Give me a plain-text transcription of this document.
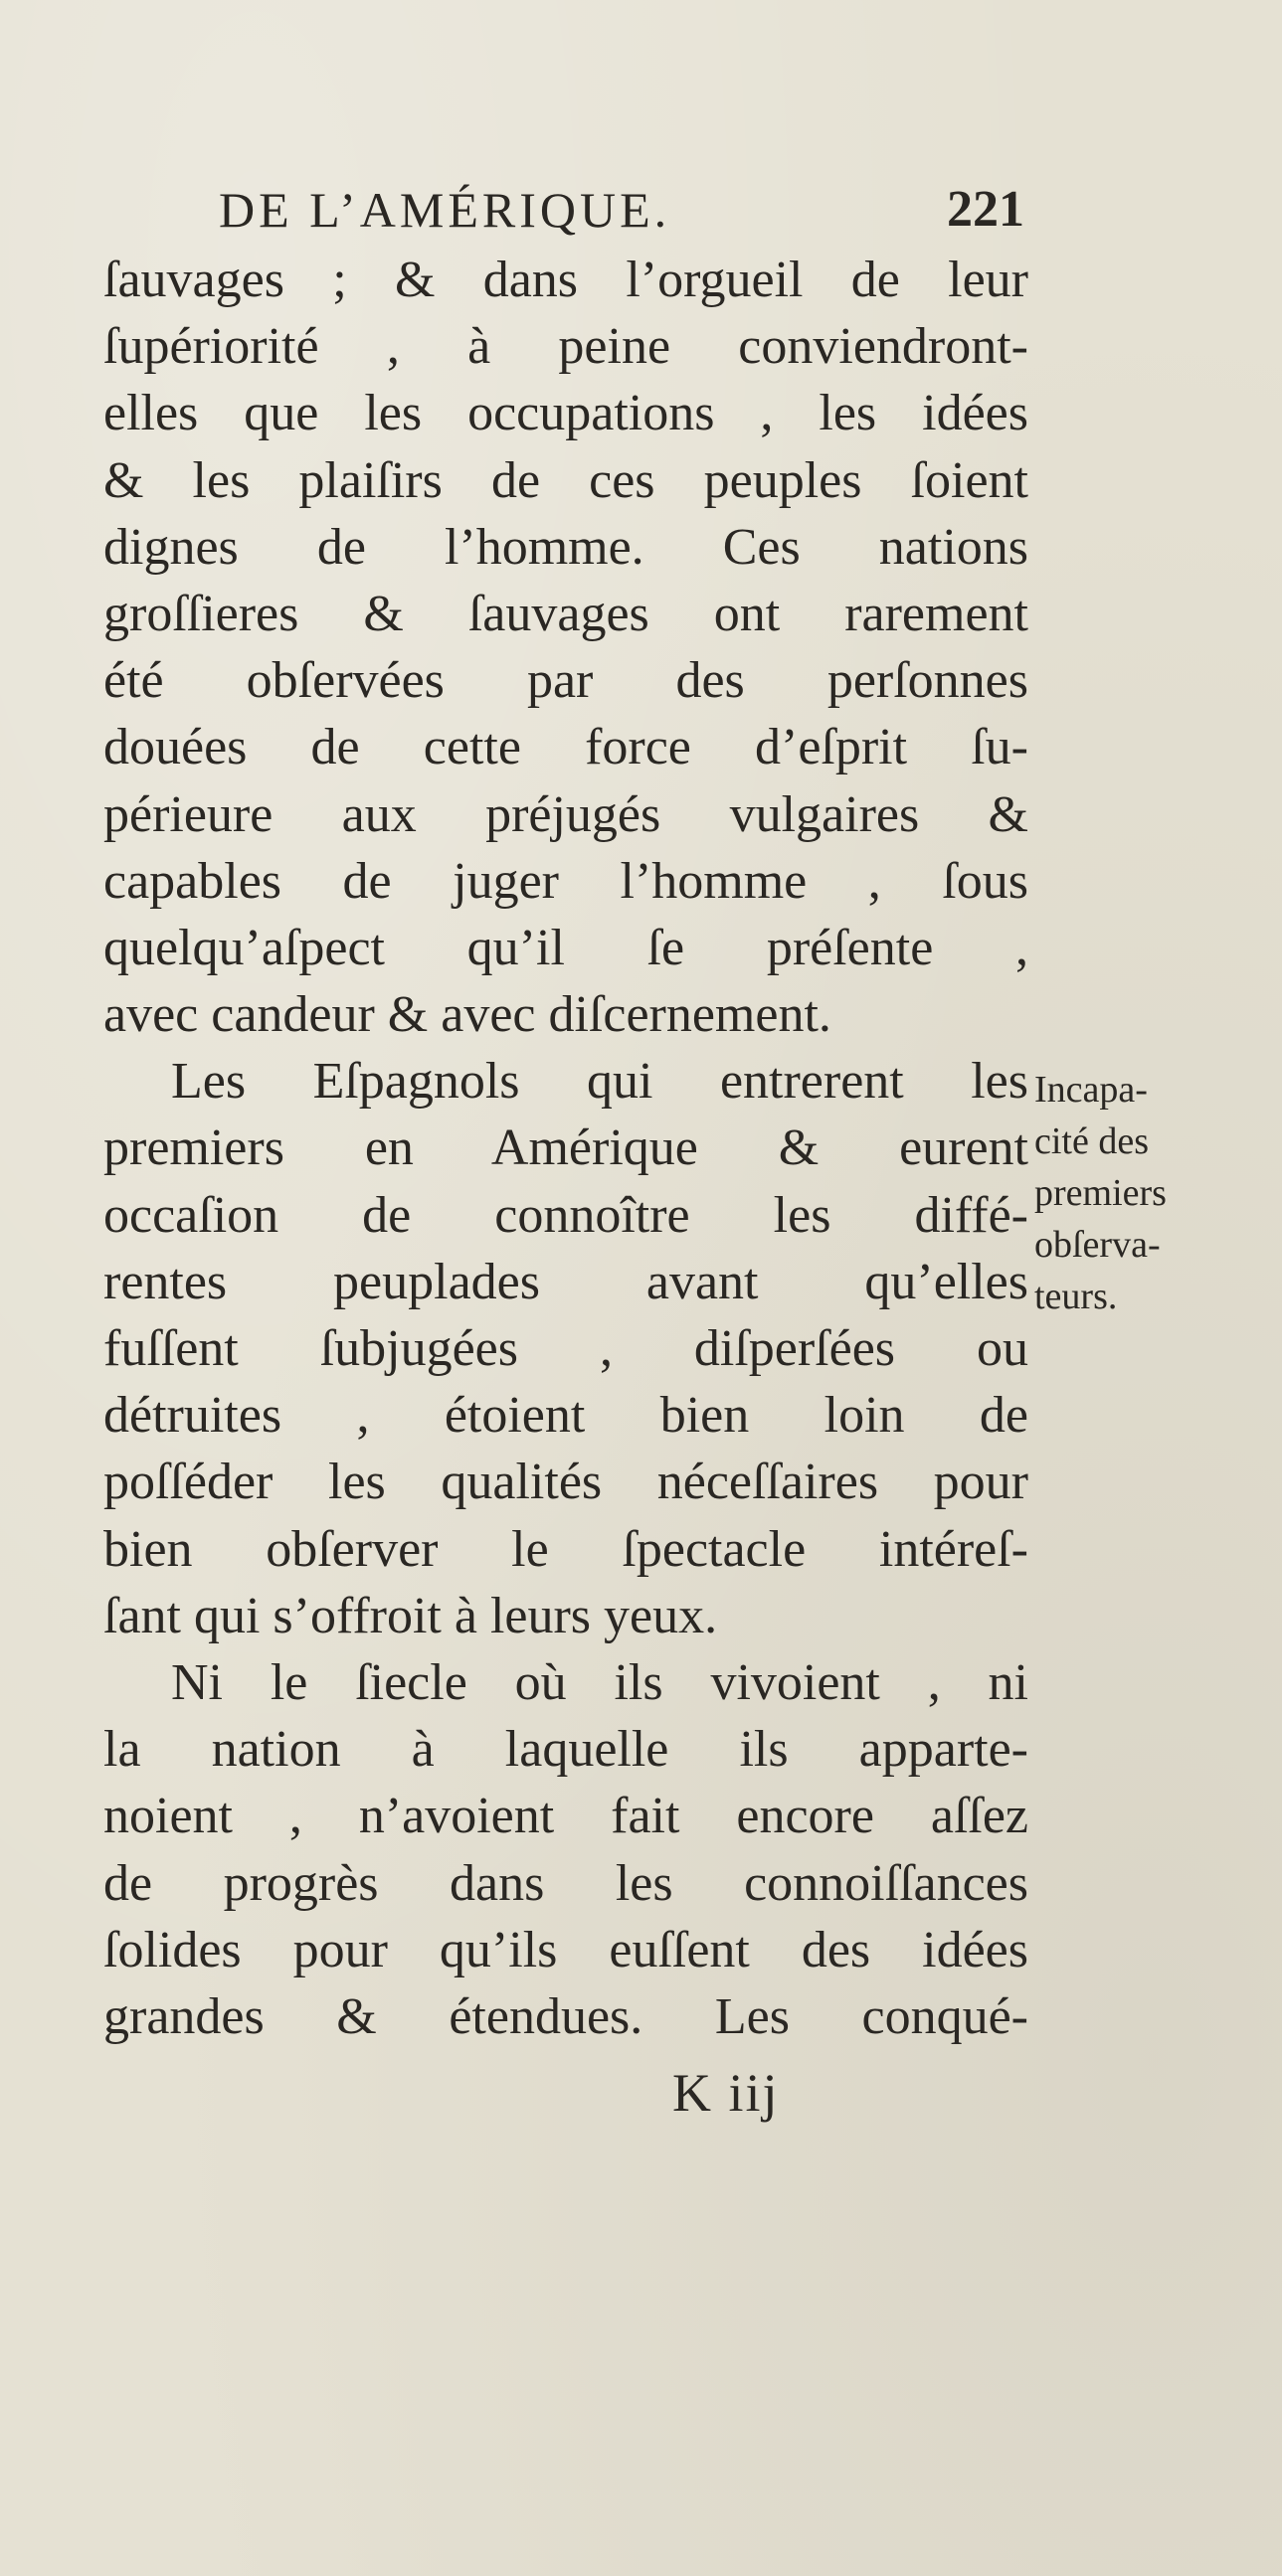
DE L’AMÉRIQUE.	221
ſauvages ; & dans l’orgueil de leur
ſupériorité , à peine conviendront-
elles que les occupations , les idées
& les plaiſirs de ces peuples ſoient
dignes de l’homme. Ces nations
groſſieres & ſauvages ont rarement
été obſervées par des perſonnes
douées de cette force d’eſprit ſu-
périeure aux préjugés vulgaires &
capables de juger l’homme , ſous
quelqu’aſpect qu’il ſe préſente ,
avec candeur & avec diſcernement.
Les Eſpagnols qui entrerent les
premiers en Amérique & eurent
occaſion de connoître les diffé-
rentes peuplades avant qu’elles
fuſſent ſubjugées , diſperſées ou
détruites , étoient bien loin de
poſſéder les qualités néceſſaires pour
bien obſerver le ſpectacle intéreſ-
ſant qui s’offroit à leurs yeux.
Ni le ſiecle où ils vivoient , ni
la nation à laquelle ils apparte-
noient , n’avoient fait encore aſſez
de progrès dans les connoiſſances
ſolides pour qu’ils euſſent des idées
grandes & étendues. Les conqué-
Incapa-
cité des
premiers
obſerva-
teurs.
K iij
